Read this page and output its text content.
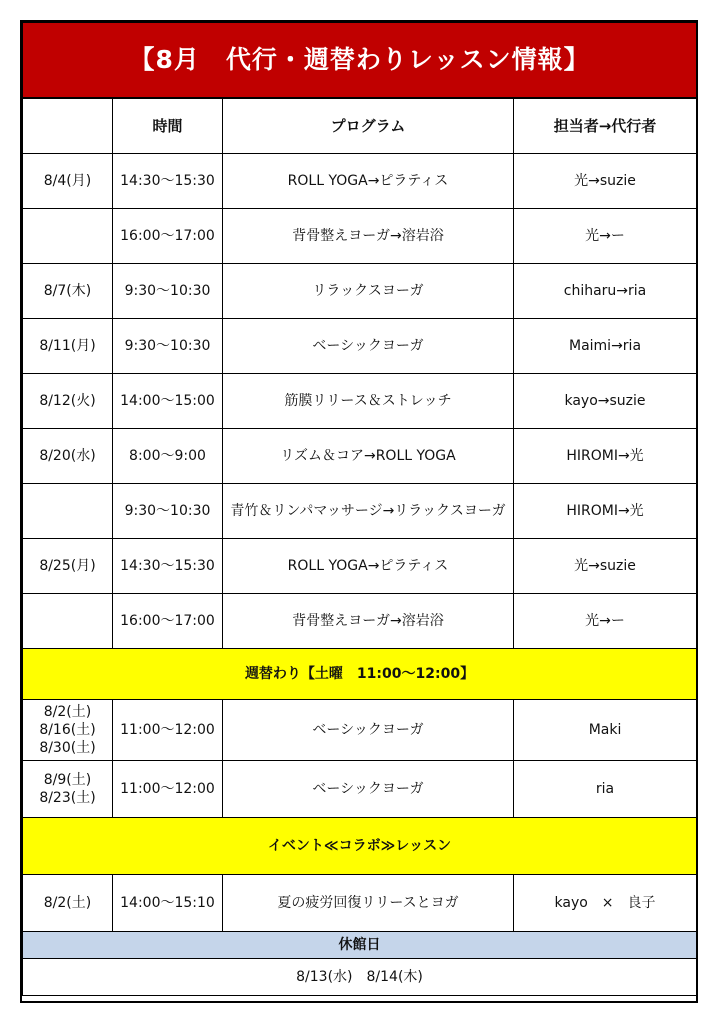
【8月　代行・週替わりレッスン情報】			
	時間	プログラム	担当者→代行者
8/4(月)	14:30〜15:30	ROLL YOGA→ピラティス	光→suzie
	16:00〜17:00	背骨整えヨーガ→溶岩浴	光→ー
8/7(木)	9:30〜10:30	リラックスヨーガ	chiharu→ria
8/11(月)	9:30〜10:30	ベーシックヨーガ	Maimi→ria
8/12(火)	14:00〜15:00	筋膜リリース＆ストレッチ	kayo→suzie
8/20(水)	8:00〜9:00	リズム＆コア→ROLL YOGA	HIROMI→光
	9:30〜10:30	青竹＆リンパマッサージ→リラックスヨーガ	HIROMI→光
8/25(月)	14:30〜15:30	ROLL YOGA→ピラティス	光→suzie
	16:00〜17:00	背骨整えヨーガ→溶岩浴	光→ー
週替わり【土曜　11:00〜12:00】			

8/2(土)
8/16(土)
8/30(土)	11:00〜12:00	ベーシックヨーガ	Maki

8/9(土)
8/23(土)	11:00〜12:00	ベーシックヨーガ	ria
イベント≪コラボ≫レッスン			
8/2(土)	14:00〜15:10	夏の疲労回復リリースとヨガ	kayo　×　良子
休館日			
8/13(水)　8/14(木)			
